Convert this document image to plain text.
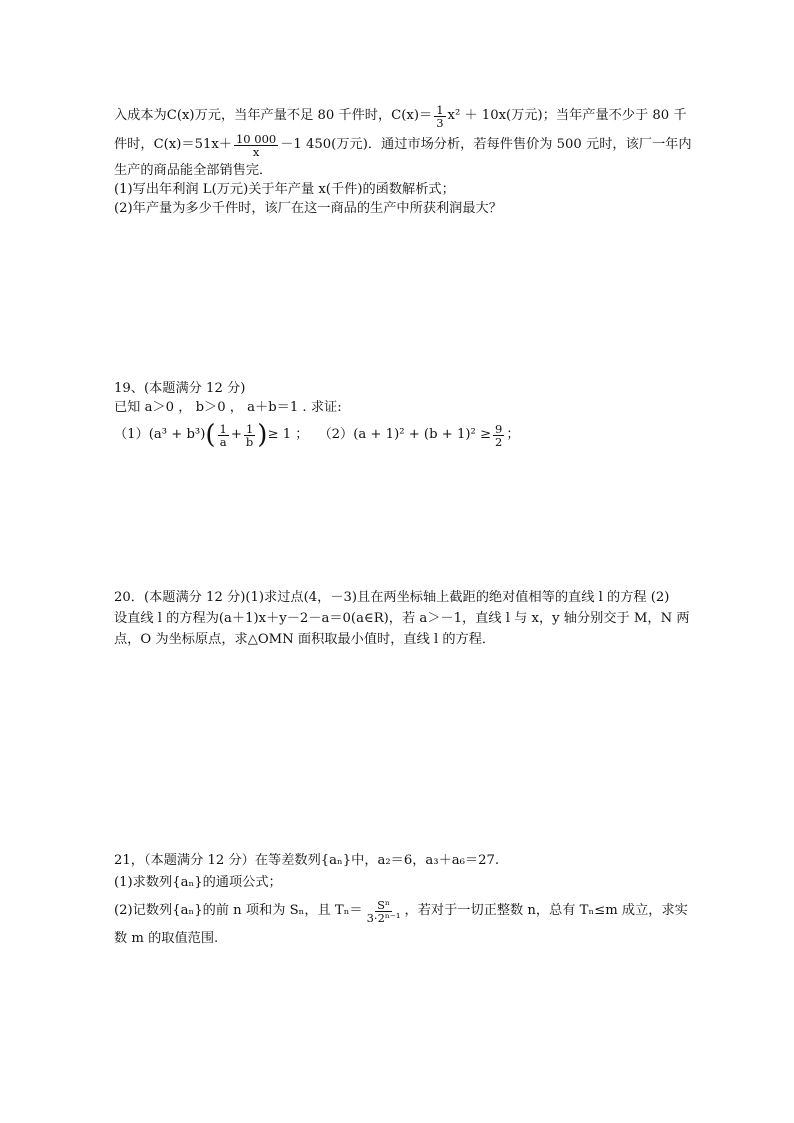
入成本为 C(x)万元，当年产量不足 80 千件时， $C(x)= \frac{1}{3} x^2 + 10x$(万元)；当年产量不少于 80 千
件时， $C(x)=51x+ \frac{10 000}{x} -1$ 450(万元)．通过市场分析，若每件售价为 500 元时，该厂一年内
生产的商品能全部销售完．
(1)写出年利润 L(万元)关于年产量 x(千件)的函数解析式；
(2)年产量为多少千件时，该厂在这一商品的生产中所获利润最大？
19、(本题满分 12 分)
已知 a＞0 ， b＞0 ， a＋b＝1 . 求证:
（1） (a³ + b³) ( $\frac{1}{a} + \frac{1}{b}$ ) ≥ 1 ； （2） $(a + 1)^2 + (b + 1)^2 \ge \frac{9}{2}$ ；
20．(本题满分 12 分)(1)求过点(4，－3)且在两坐标轴上截距的绝对值相等的直线 l 的方程 (2)
设直线 l 的方程为(a＋1)x＋y－2－a＝0(a∈R)，若 a＞－1，直线 l 与 x，y 轴分别交于 M，N 两
点，O 为坐标原点，求△OMN 面积取最小值时，直线 l 的方程．
21，（本题满分 12 分）在等差数列{aₙ}中，a₂＝6，a₃＋a₆＝27.
(1)求数列{aₙ}的通项公式；
(2)记数列{aₙ}的前 n 项和为 Sₙ，且 $T_n= \frac{\text{Sⁿ}}{\text{3·2ⁿ⁻¹}}$ ，若对于一切正整数 n，总有 Tₙ≤m 成立，求实
数 m 的取值范围.
